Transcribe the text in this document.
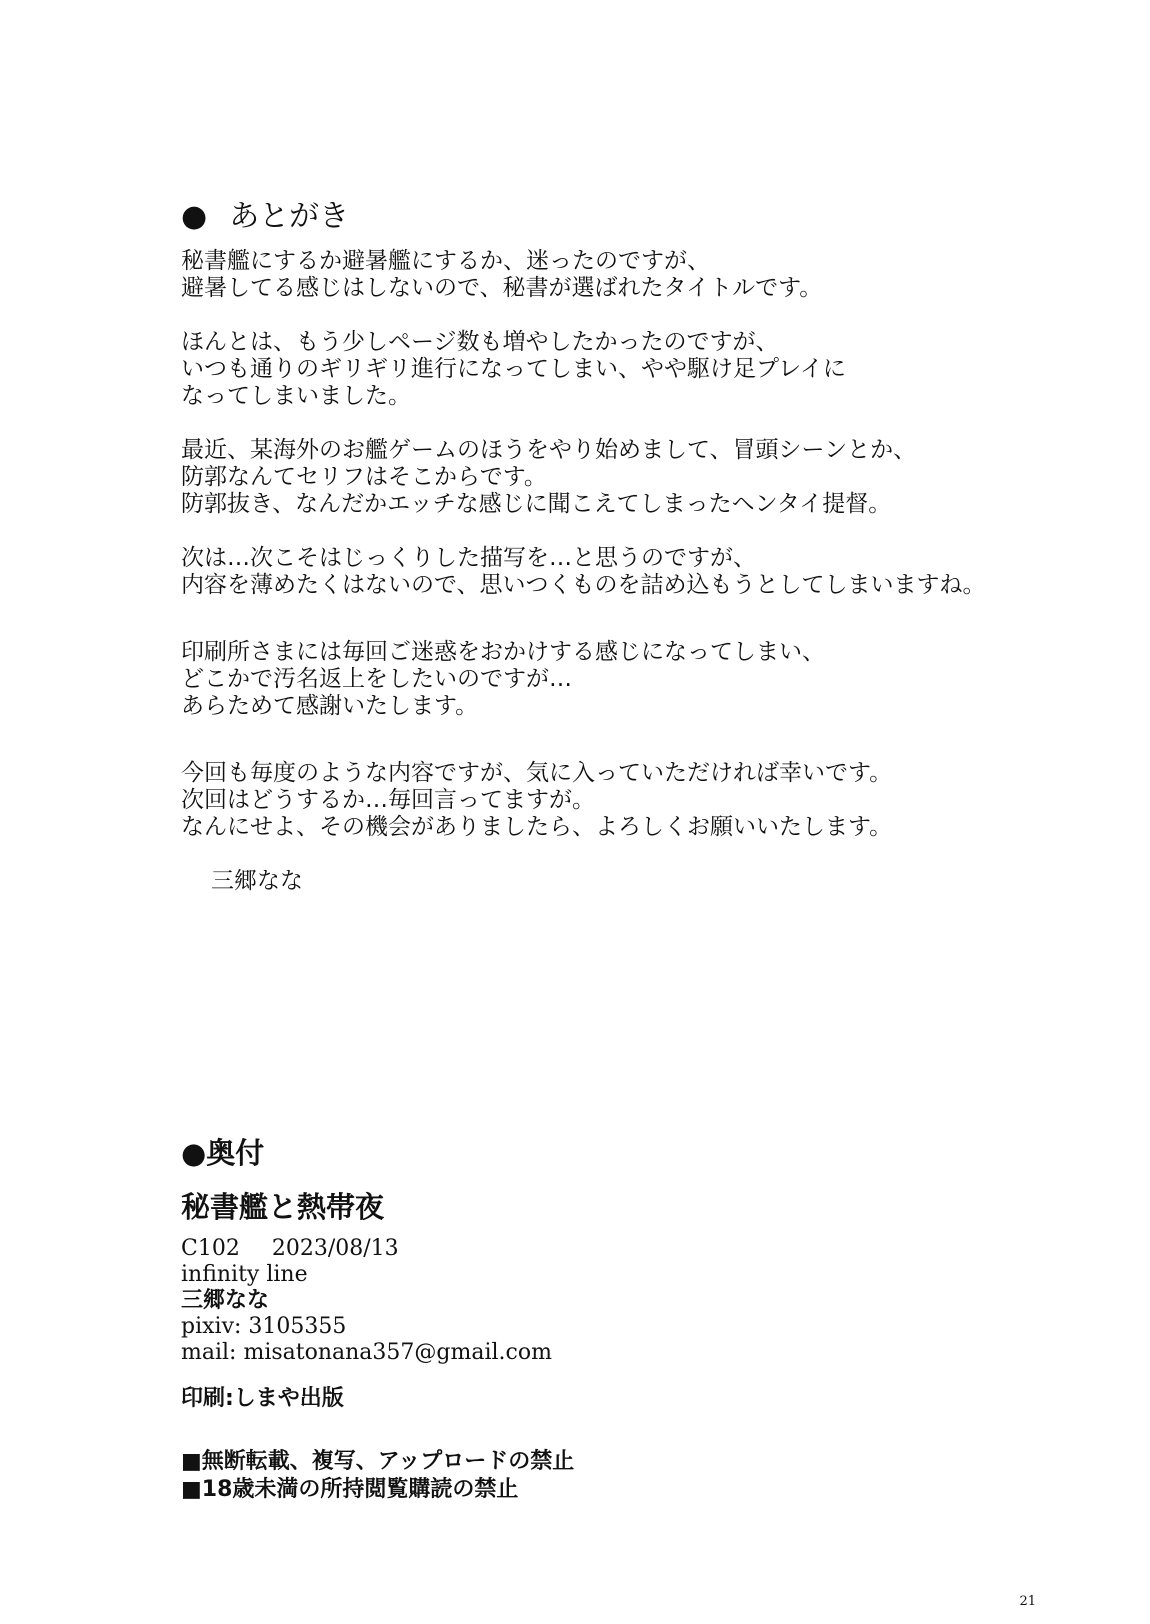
● あとがき

秘書艦にするか避暑艦にするか、迷ったのですが、
避暑してる感じはしないので、秘書が選ばれたタイトルです。

ほんとは、もう少しページ数も増やしたかったのですが、
いつも通りのギリギリ進行になってしまい、やや駆け足プレイに
なってしまいました。

最近、某海外のお艦ゲームのほうをやり始めまして、冒頭シーンとか、
防郭なんてセリフはそこからです。
防郭抜き、なんだかエッチな感じに聞こえてしまったヘンタイ提督。

次は…次こそはじっくりした描写を…と思うのですが、
内容を薄めたくはないので、思いつくものを詰め込もうとしてしまいますね。

印刷所さまには毎回ご迷惑をおかけする感じになってしまい、
どこかで汚名返上をしたいのですが…
あらためて感謝いたします。

今回も毎度のような内容ですが、気に入っていただければ幸いです。
次回はどうするか…毎回言ってますが。
なんにせよ、その機会がありましたら、よろしくお願いいたします。

三郷なな
●奥付
秘書艦と熱帯夜

C102 2023/08/13

infinity line

三郷なな

pixiv: 3105355

mail: misatonana357@gmail.com

印刷:しまや出版

■無断転載、複写、アップロードの禁止

■18歳未満の所持閲覧購読の禁止

21
